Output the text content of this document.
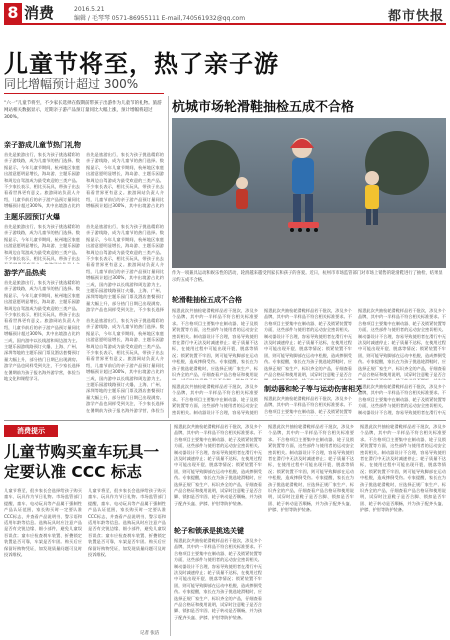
8 消费	2016.5.21
编辑 / 毛琴琴 0571-86955111 E-mail,740561932@qq.com	都市快报
儿童节将至，热了亲子游
同比增幅预计超过 300%
“六一”儿童节将至，不少家长选择在假期前带孩子出游作为儿童节的礼物。旅游网站相关数据显示，近期亲子游产品预订量同比大幅上涨，预计增幅将超过300%。
亲子游成儿童节热门礼物
首先是旅游出行，家长为孩子挑选精彩的亲子游线路，成为儿童节的热门选择。数据显示，今年儿童节期间，杭州地区家庭出游意愿明显增长，海岛游、主题乐园游和周边自驾游成为最受欢迎的三类产品。不少家长表示，相比买玩具，带孩子出去看看世界更有意义。旅游网站负责人介绍，儿童节前后的亲子游产品预订量同比增幅预计超过300%，其中出境游占比约
首先是旅游出行，家长为孩子挑选精彩的亲子游线路，成为儿童节的热门选择。数据显示，今年儿童节期间，杭州地区家庭出游意愿明显增长，海岛游、主题乐园游和周边自驾游成为最受欢迎的三类产品。不少家长表示，相比买玩具，带孩子出去看看世界更有意义。旅游网站负责人介绍，儿童节前后的亲子游产品预订量同比增幅预计超过300%，其中出境游占比约
主题乐园预订火爆
首先是旅游出行，家长为孩子挑选精彩的亲子游线路，成为儿童节的热门选择。数据显示，今年儿童节期间，杭州地区家庭出游意愿明显增长，海岛游、主题乐园游和周边自驾游成为最受欢迎的三类产品。不少家长表示，相比买玩具，带孩子出去
首先是旅游出行，家长为孩子挑选精彩的亲子游线路，成为儿童节的热门选择。数据显示，今年儿童节期间，杭州地区家庭出游意愿明显增长，海岛游、主题乐园游和周边自驾游成为最受欢迎的三类产品。不少家长表示，相比买玩具，带孩子出去看看世界更有意义。旅游网站负责人介绍，儿童节前后的亲子游产品预订量同比增幅预计超过300%，其中出境游占比约三成，国内游中以长线游和周边游为主。主题乐园游线路预订火爆，上海、广州、深圳等地的主题乐园门票及酒店套餐预订量大幅上升，部分热门日期已出现满房。游学产品也同样受到关注，不少家长选择
游学产品热卖
首先是旅游出行，家长为孩子挑选精彩的亲子游线路，成为儿童节的热门选择。数据显示，今年儿童节期间，杭州地区家庭出游意愿明显增长，海岛游、主题乐园游和周边自驾游成为最受欢迎的三类产品。不少家长表示，相比买玩具，带孩子出去看看世界更有意义。旅游网站负责人介绍，儿童节前后的亲子游产品预订量同比增幅预计超过300%，其中出境游占比约三成，国内游中以长线游和周边游为主。主题乐园游线路预订火爆，上海、广州、深圳等地的主题乐园门票及酒店套餐预订量大幅上升，部分热门日期已出现满房。游学产品也同样受到关注，不少家长选择在暑期前为孩子报名海外游学营，体验当地文化和课程学习。
首先是旅游出行，家长为孩子挑选精彩的亲子游线路，成为儿童节的热门选择。数据显示，今年儿童节期间，杭州地区家庭出游意愿明显增长，海岛游、主题乐园游和周边自驾游成为最受欢迎的三类产品。不少家长表示，相比买玩具，带孩子出去看看世界更有意义。旅游网站负责人介绍，儿童节前后的亲子游产品预订量同比增幅预计超过300%，其中出境游占比约三成，国内游中以长线游和周边游为主。主题乐园游线路预订火爆，上海、广州、深圳等地的主题乐园门票及酒店套餐预订量大幅上升，部分热门日期已出现满房。游学产品也同样受到关注，不少家长选择在暑期前为孩子报名海外游学营，体验当
杭城市场轮滑鞋抽检五成不合格
作为一项兼具运动和娱乐性的活动，轮滑越来越受到家长和孩子的喜爱。近日，杭州市市场监管部门对市场上销售的轮滑鞋进行了抽检，结果显示约五成不合格。
轮滑鞋抽检五成不合格
据悉此次共抽检轮滑鞋样品若干批次，涉及多个品牌，其中约一半样品不符合相关标准要求。不合格项目主要集中在制动器、轮子及锁紧装置等方面，这些部件与使用者的运动安全密切相关。制动器设计不合理，容易导致使用者在滑行中无法及时减速停止；轮子质量不达标，在使用过程中可能出现开裂、脱落等情况；锁紧装置不牢固，则可能导致脚部在运动中松脱，造成摔倒受伤。专家提醒，家长在为孩子挑选轮滑鞋时，应选择正规厂家生产、标识齐全的产品，仔细查看产品合格证和使用说
据悉此次共抽检轮滑鞋样品若干批次，涉及多个品牌，其中约一半样品不符合相关标准要求。不合格项目主要集中在制动器、轮子及锁紧装置等方面，这些部件与使用者的运动安全密切相关。制动器设计不合理，容易导致使用者在滑行中无法及时减速停止；轮子质量不达标，在使用过程中可能出现开裂、脱落等情况；锁紧装置不牢固，则可能导致脚部在运动中松脱，造成摔倒受伤。专家提醒，家长在为孩子挑选轮滑鞋时，应选择正规厂家生产、标识齐全的产品，仔细查看产品合格证和使用说明，试穿时注意鞋子是否合
据悉此次共抽检轮滑鞋样品若干批次，涉及多个品牌，其中约一半样品不符合相关标准要求。不合格项目主要集中在制动器、轮子及锁紧装置等方面，这些部件与使用者的运动安全密切相关。制动器设计不合理，容易导致使用者在滑行中无法及时减速停止；轮子质量不达标，在使用过程中可能出现开裂、脱落等情况；锁紧装置不牢固，则可能导致脚部在运动中松脱，造成摔倒受伤。专家提醒，家长在为孩子挑选轮滑鞋时，应选择正规厂家生产、标识齐全的产品，仔细查看产品合格证和使用说明，试穿时注意鞋子是否合
制动器和轮子等与运动伤害相关
据悉此次共抽检轮滑鞋样品若干批次，涉及多个品牌，其中约一半样品不符合相关标准要求。不合格项目主要集中在制动器、轮子及锁紧装置等
据悉此次共抽检轮滑鞋样品若干批次，涉及多个品牌，其中约一半样品不符合相关标准要求。不合格项目主要集中在制动器、轮子及锁紧装置等方面，这些部件与使用者的运动安全密切相关。制动器设计不合理，容易导致使用
据悉此次共抽检轮滑鞋样品若干批次，涉及多个品牌，其中约一半样品不符合相关标准要求。不合格项目主要集中在制动器、轮子及锁紧装置等方面，这些部件与使用者的运动安全密切相关。制动器设计不合理，容易导致使用者在滑行中无
消费提示
儿童节购买童车玩具一定要认准 CCC 标志
儿童节将至，很多家长会选择给孩子购买童车、玩具作为节日礼物。市场监管部门提醒，童车、电动玩具等产品属于强制性产品认证范围，家长购买时一定要认准CCC标志，并查看产品说明书、警示语和适用年龄等信息。选购玩具时应注意产品是否有尖锐边缘、细小部件，避免儿童误吞误食；童车应检查刹车装置、折叠锁定装置是否可靠，车架是否牢固。购买后应保留好购物凭证，如发现质量问题可及时投诉维权。
儿童节将至，很多家长会选择给孩子购买童车、玩具作为节日礼物。市场监管部门提醒，童车、电动玩具等产品属于强制性产品认证范围，家长购买时一定要认准CCC标志，并查看产品说明书、警示语和适用年龄等信息。选购玩具时应注意产品是否有尖锐边缘、细小部件，避免儿童误吞误食；童车应检查刹车装置、折叠锁定装置是否可靠，车架是否牢固。购买后应保留好购物凭证，如发现质量问题可及时投诉维权。
记者 张洁
轮子和锁承是挑选关键
据悉此次共抽检轮滑鞋样品若干批次，涉及多个品牌，其中约一半样品不符合相关标准要求。不合格项目主要集中在制动器、轮子及锁紧装置等方面，这些部件与使用者的运动安全密切相关。制动器设计不合理，容易导致使用者在滑行中无法及时减速停止；轮子质量不达标，在使用过程中可能出现开裂、脱落等情况；锁紧装置不牢固，则可能导致脚部在运动中松脱，造成摔倒受伤。专家提醒，家长在为孩子挑选轮滑鞋时，应选择正规厂家生产、标识齐全的产品，仔细查看产品合格证和使用说明，试穿时注意鞋子是否合脚、锁扣是否牢固、轮子转动是否顺畅，并为孩子配齐头盔、护膝、护肘等防护装备。
据悉此次共抽检轮滑鞋样品若干批次，涉及多个品牌，其中约一半样品不符合相关标准要求。不合格项目主要集中在制动器、轮子及锁紧装置等方面，这些部件与使用者的运动安全密切相关。制动器设计不合理，容易导致使用者在滑行中无法及时减速停止；轮子质量不达标，在使用过程中可能出现开裂、脱落等情况；锁紧装置不牢固，则可能导致脚部在运动中松脱，造成摔倒受伤。专家提醒，家长在为孩子挑选轮滑鞋时，应选择正规厂家生产、标识齐全的产品，仔细查看产品合格证和使用说明，试穿时注意鞋子是否合脚、锁扣是否牢固、轮子转动是否顺畅，并为孩子配齐头盔、护膝、护肘等防护装备。
据悉此次共抽检轮滑鞋样品若干批次，涉及多个品牌，其中约一半样品不符合相关标准要求。不合格项目主要集中在制动器、轮子及锁紧装置等方面，这些部件与使用者的运动安全密切相关。制动器设计不合理，容易导致使用者在滑行中无法及时减速停止；轮子质量不达标，在使用过程中可能出现开裂、脱落等情况；锁紧装置不牢固，则可能导致脚部在运动中松脱，造成摔倒受伤。专家提醒，家长在为孩子挑选轮滑鞋时，应选择正规厂家生产、标识齐全的产品，仔细查看产品合格证和使用说明，试穿时注意鞋子是否合脚、锁扣是否牢固、轮子转动是否顺畅，并为孩子配齐头盔、护膝、护肘等防护装备。
据悉此次共抽检轮滑鞋样品若干批次，涉及多个品牌，其中约一半样品不符合相关标准要求。不合格项目主要集中在制动器、轮子及锁紧装置等方面，这些部件与使用者的运动安全密切相关。制动器设计不合理，容易导致使用者在滑行中无法及时减速停止；轮子质量不达标，在使用过程中可能出现开裂、脱落等情况；锁紧装置不牢固，则可能导致脚部在运动中松脱，造成摔倒受伤。专家提醒，家长在为孩子挑选轮滑鞋时，应选择正规厂家生产、标识齐全的产品，仔细查看产品合格证和使用说明，试穿时注意鞋子是否合脚、锁扣是否牢固、轮子转动是否顺畅，并为孩子配齐头盔、护膝、护肘等防护装备。
